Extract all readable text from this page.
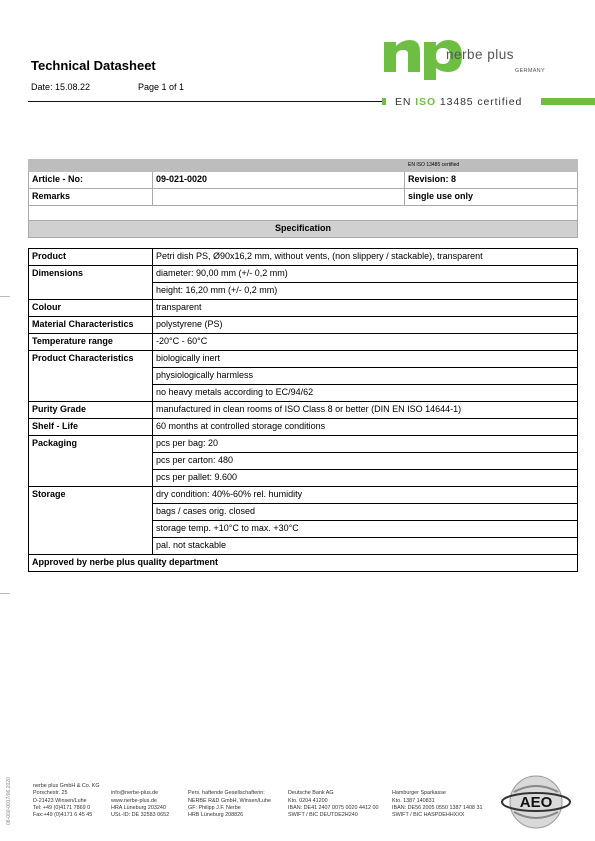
Technical Datasheet
Date: 15.08.22	Page 1 of 1
nerbe plus
GERMANY
EN ISO 13485 certified
		EN ISO 13485 certified
Article - No:	09-021-0020	Revision: 8
Remarks		single use only

Specification		
Product	Petri dish PS, Ø90x16,2 mm, without vents, (non slippery / stackable), transparent
Dimensions	diameter: 90,00 mm (+/- 0,2 mm)
	height: 16,20 mm (+/- 0,2 mm)
Colour	transparent
Material Characteristics	polystyrene (PS)
Temperature range	-20°C - 60°C
Product Characteristics	biologically inert
	physiologically harmless
	no heavy metals according to EC/94/62
Purity Grade	manufactured in clean rooms of ISO Class 8 or better (DIN EN ISO 14644-1)
Shelf - Life	60 months at controlled storage conditions
Packaging	pcs per bag: 20
	pcs per carton: 480
	pcs per pallet: 9.600
Storage	dry condition: 40%-60% rel. humidity
	bags / cases orig. closed
	storage temp. +10°C to max. +30°C
	pal. not stackable
Approved by nerbe plus quality department	
08-000-0017/06.2020	nerbe plus GmbH & Co. KG
Porschestr. 25
D-21423 Winsen/Luhe
Tel: +49 (0)4171 7869 0
Fax:+49 (0)4171 6 45 45

info@nerbe-plus.de
www.nerbe-plus.de
HRA Lüneburg 203240
USt.-ID: DE 32583 0652

Pers. haftende Gesellschafterin:
NERBE R&D GmbH, Winsen/Luhe
GF: Philipp J.F. Nerbe
HRB Lüneburg 208826

Deutsche Bank AG
Kto. 0204 41200
IBAN: DE41 2407 0075 0020 4412 00
SWIFT / BIC DEUTDE2H240

Hamburger Sparkasse
Kto. 1387 140831
IBAN: DE56 2005 0550 1387 1408 31
SWIFT / BIC HASPDEHHXXX
AEO
